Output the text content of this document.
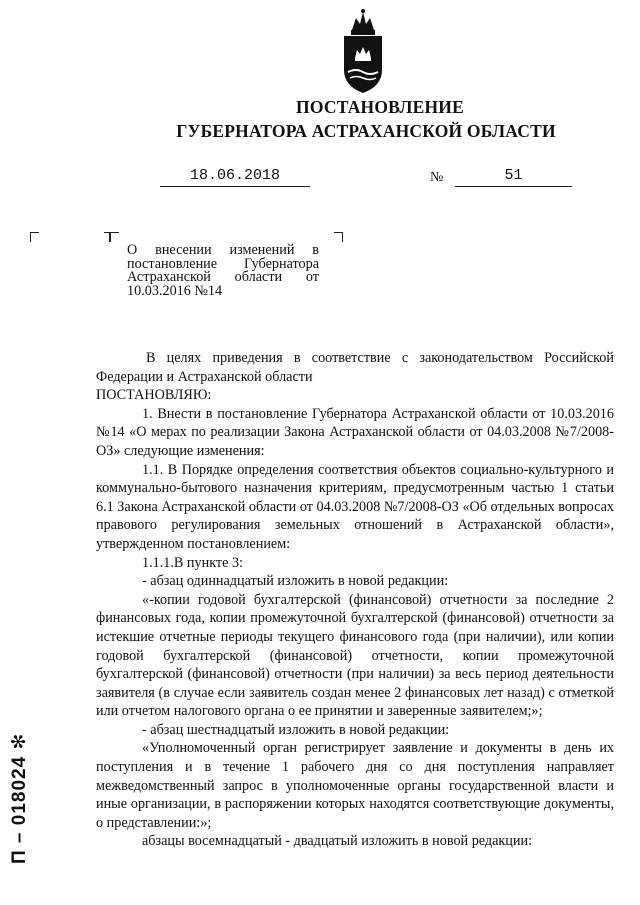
ПОСТАНОВЛЕНИЕ
ГУБЕРНАТОРА АСТРАХАНСКОЙ ОБЛАСТИ
18.06.2018	№	51
О внесении изменений в постановление Губернатора Астраханской области от 10.03.2016 №14

В целях приведения в соответствие с законодательством Российской Федерации и Астраханской области

ПОСТАНОВЛЯЮ:

1. Внести в постановление Губернатора Астраханской области от 10.03.2016 №14 «О мерах по реализации Закона Астраханской области от 04.03.2008 №7/2008-ОЗ» следующие изменения:

1.1. В Порядке определения соответствия объектов социально-культурного и коммунально-бытового назначения критериям, предусмотренным частью 1 статьи 6.1 Закона Астраханской области от 04.03.2008 №7/2008-ОЗ «Об отдельных вопросах правового регулирования земельных отношений в Астраханской области», утвержденном постановлением:

1.1.1.В пункте 3:

- абзац одиннадцатый изложить в новой редакции:

«-копии годовой бухгалтерской (финансовой) отчетности за последние 2 финансовых года, копии промежуточной бухгалтерской (финансовой) отчетности за истекшие отчетные периоды текущего финансового года (при наличии), или копии годовой бухгалтерской (финансовой) отчетности, копии промежуточной бухгалтерской (финансовой) отчетности (при наличии) за весь период деятельности заявителя (в случае если заявитель создан менее 2 финансовых лет назад) с отметкой или отчетом налогового органа о ее принятии и заверенные заявителем;»;

- абзац шестнадцатый изложить в новой редакции:

«Уполномоченный орган регистрирует заявление и документы в день их поступления и в течение 1 рабочего дня со дня поступления направляет межведомственный запрос в уполномоченные органы государственной власти и иные организации, в распоряжении которых находятся соответствующие документы, о представлении:»;

абзацы восемнадцатый - двадцатый изложить в новой редакции:

П – 018024 ✻
